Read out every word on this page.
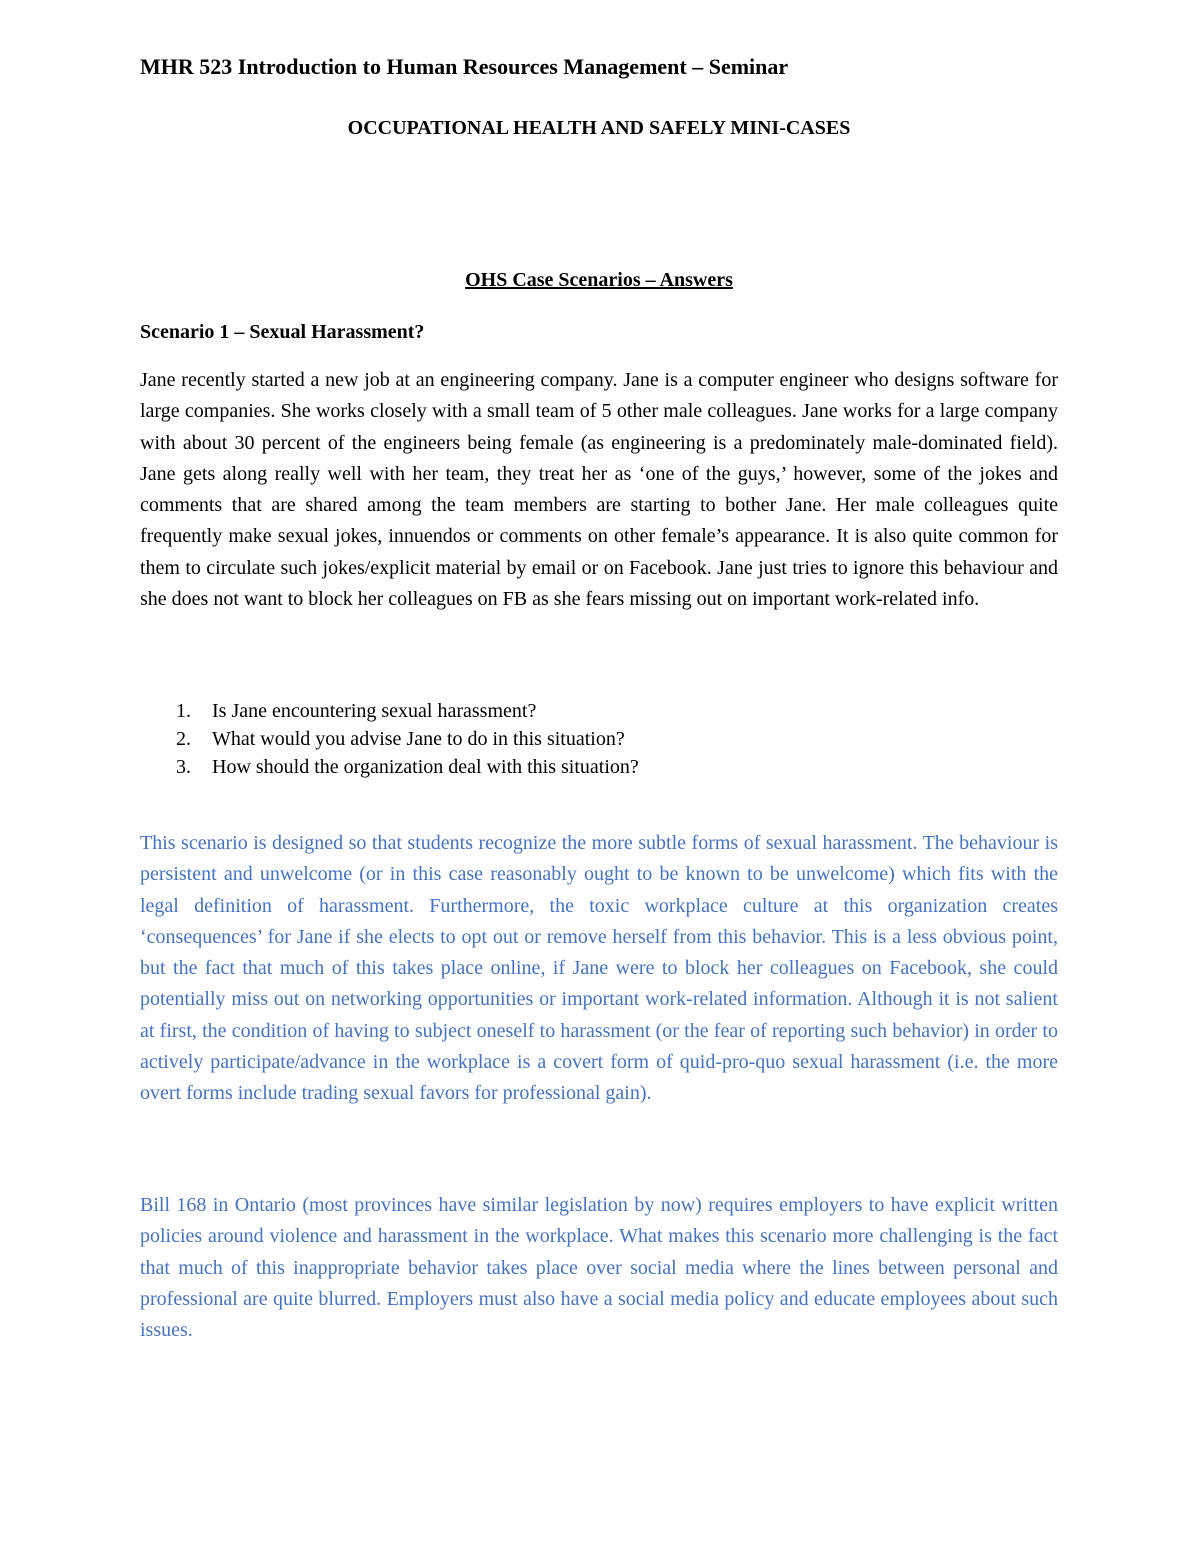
MHR 523 Introduction to Human Resources Management – Seminar
OCCUPATIONAL HEALTH AND SAFELY MINI-CASES
OHS Case Scenarios – Answers
Scenario 1 – Sexual Harassment?

Jane recently started a new job at an engineering company. Jane is a computer engineer who designs software for large companies. She works closely with a small team of 5 other male colleagues. Jane works for a large company with about 30 percent of the engineers being female (as engineering is a predominately male-dominated field). Jane gets along really well with her team, they treat her as ‘one of the guys,’ however, some of the jokes and comments that are shared among the team members are starting to bother Jane. Her male colleagues quite frequently make sexual jokes, innuendos or comments on other female’s appearance. It is also quite common for them to circulate such jokes/explicit material by email or on Facebook. Jane just tries to ignore this behaviour and she does not want to block her colleagues on FB as she fears missing out on important work-related info.

1. Is Jane encountering sexual harassment?
2. What would you advise Jane to do in this situation?
3. How should the organization deal with this situation?

This scenario is designed so that students recognize the more subtle forms of sexual harassment. The behaviour is persistent and unwelcome (or in this case reasonably ought to be known to be unwelcome) which fits with the legal definition of harassment. Furthermore, the toxic workplace culture at this organization creates ‘consequences’ for Jane if she elects to opt out or remove herself from this behavior. This is a less obvious point, but the fact that much of this takes place online, if Jane were to block her colleagues on Facebook, she could potentially miss out on networking opportunities or important work-related information. Although it is not salient at first, the condition of having to subject oneself to harassment (or the fear of reporting such behavior) in order to actively participate/advance in the workplace is a covert form of quid-pro-quo sexual harassment (i.e. the more overt forms include trading sexual favors for professional gain).

Bill 168 in Ontario (most provinces have similar legislation by now) requires employers to have explicit written policies around violence and harassment in the workplace. What makes this scenario more challenging is the fact that much of this inappropriate behavior takes place over social media where the lines between personal and professional are quite blurred. Employers must also have a social media policy and educate employees about such issues.
